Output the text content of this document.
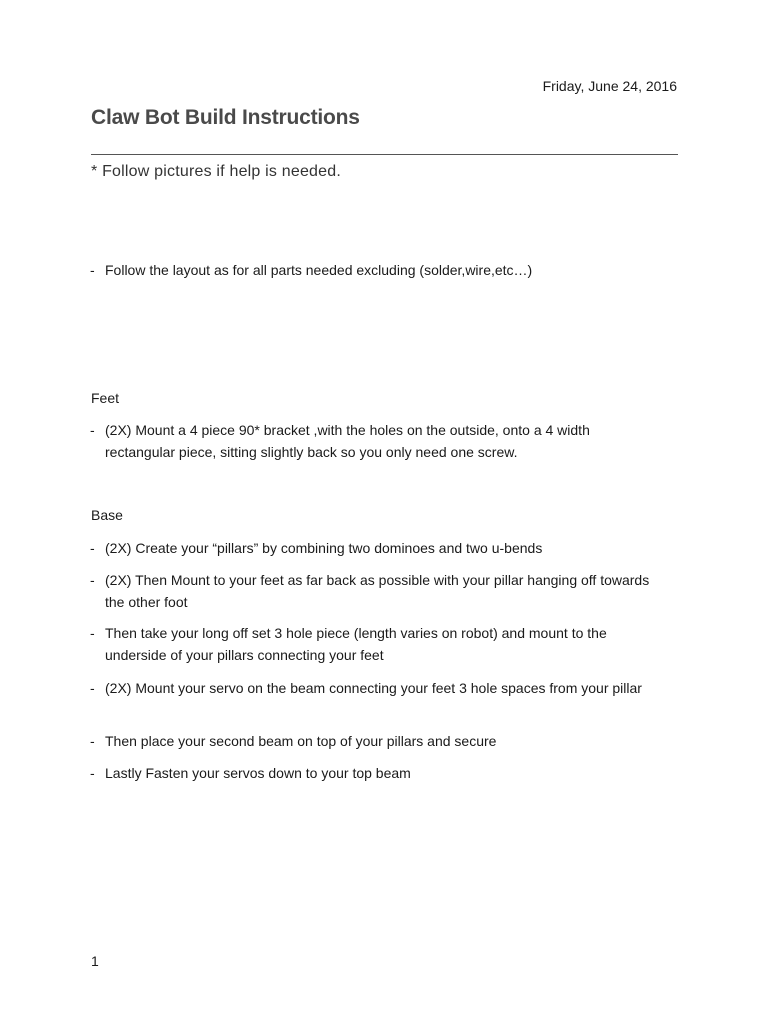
Friday, June 24, 2016
Claw Bot Build Instructions
* Follow pictures if help is needed.
- Follow the layout as for all parts needed excluding (solder,wire,etc…)
Feet
- (2X) Mount a 4 piece 90* bracket ,with the holes on the outside, onto a 4 width rectangular piece, sitting slightly back so you only need one screw.
Base
- (2X) Create your “pillars” by combining two dominoes and two u-bends
- (2X) Then Mount to your feet as far back as possible with your pillar hanging off towards the other foot
- Then take your long off set 3 hole piece (length varies on robot) and mount to the underside of your pillars connecting your feet
- (2X) Mount your servo on the beam connecting your feet 3 hole spaces from your pillar
- Then place your second beam on top of your pillars and secure
- Lastly Fasten your servos down to your top beam
1
